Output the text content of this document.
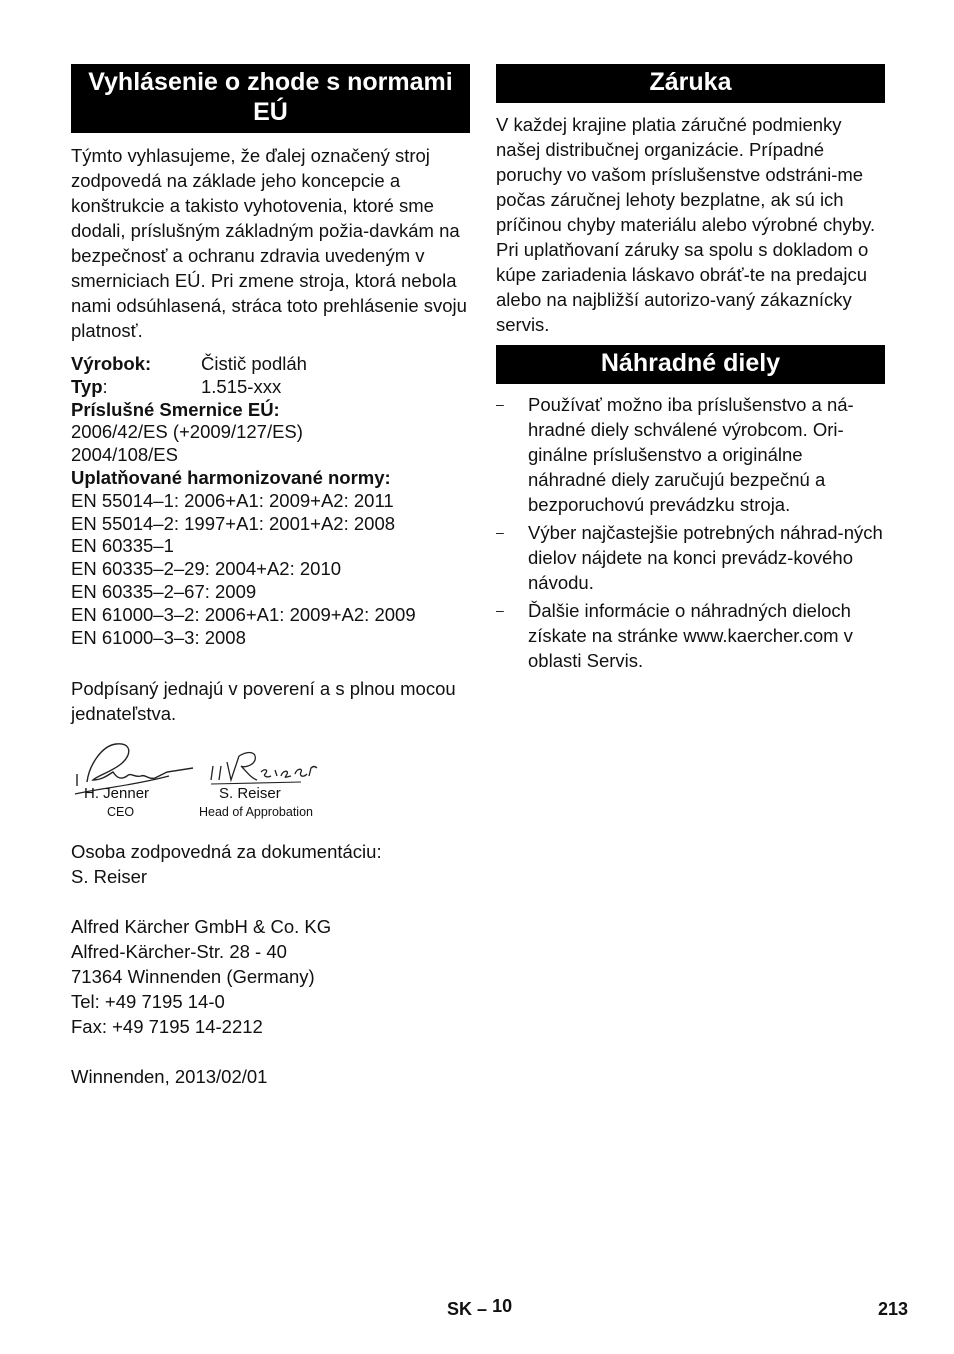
Vyhlásenie o zhode s normami EÚ

Týmto vyhlasujeme, že ďalej označený stroj zodpovedá na základe jeho koncepcie a konštrukcie a takisto vyhotovenia, ktoré sme dodali, príslušným základným požia-davkám na bezpečnosť a ochranu zdravia uvedeným v smerniciach EÚ. Pri zmene stroja, ktorá nebola nami odsúhlasená, stráca toto prehlásenie svoju platnosť.

Výrobok:	Čistič podláh
Typ:	1.515-xxx
Príslušné Smernice EÚ:
2006/42/ES (+2009/127/ES)
2004/108/ES
Uplatňované harmonizované normy:
EN 55014–1: 2006+A1: 2009+A2: 2011
EN 55014–2: 1997+A1: 2001+A2: 2008
EN 60335–1
EN 60335–2–29: 2004+A2: 2010
EN 60335–2–67: 2009
EN 61000–3–2: 2006+A1: 2009+A2: 2009
EN 61000–3–3: 2008

Podpísaný jednajú v poverení a s plnou mocou jednateľstva.

H. Jenner
CEO
S. Reiser
Head of Approbation

Osoba zodpovedná za dokumentáciu:

S. Reiser

Alfred Kärcher GmbH & Co. KG

Alfred-Kärcher-Str. 28 - 40

71364 Winnenden (Germany)

Tel: +49 7195 14-0

Fax: +49 7195 14-2212

Winnenden, 2013/02/01

Záruka

V každej krajine platia záručné podmienky našej distribučnej organizácie. Prípadné poruchy vo vašom príslušenstve odstráni-me počas záručnej lehoty bezplatne, ak sú ich príčinou chyby materiálu alebo výrobné chyby. Pri uplatňovaní záruky sa spolu s dokladom o kúpe zariadenia láskavo obráť-te na predajcu alebo na najbližší autorizo-vaný zákaznícky servis.

Náhradné diely
– Používať možno iba príslušenstvo a ná-hradné diely schválené výrobcom. Ori-ginálne príslušenstvo a originálne náhradné diely zaručujú bezpečnú a bezporuchovú prevádzku stroja.
– Výber najčastejšie potrebných náhrad-ných dielov nájdete na konci prevádz-kového návodu.
– Ďalšie informácie o náhradných dieloch získate na stránke www.kaercher.com v oblasti Servis.
SK – 10	213
